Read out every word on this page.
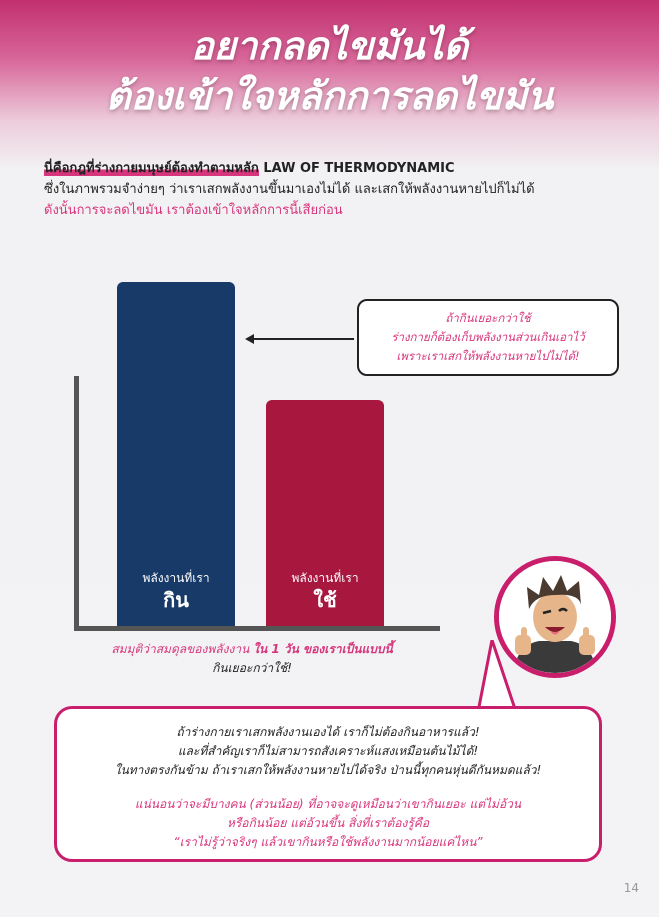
อยากลดไขมันได้
ต้องเข้าใจหลักการลดไขมัน
นี่คือกฎที่ร่างกายมนุษย์ต้องทำตามหลัก LAW OF THERMODYNAMIC
ซึ่งในภาพรวมจำง่ายๆ ว่าเราเสกพลังงานขึ้นมาเองไม่ได้ และเสกให้พลังงานหายไปก็ไม่ได้
ดังนั้นการจะลดไขมัน เราต้องเข้าใจหลักการนี้เสียก่อน
พลังงานที่เรา
กิน
พลังงานที่เรา
ใช้
ถ้ากินเยอะกว่าใช้
ร่างกายก็ต้องเก็บพลังงานส่วนเกินเอาไว้
เพราะเราเสกให้พลังงานหายไปไม่ได้!
สมมุติว่าสมดุลของพลังงาน ใน 1 วัน ของเราเป็นแบบนี้
กินเยอะกว่าใช้!
ถ้าร่างกายเราเสกพลังงานเองได้ เราก็ไม่ต้องกินอาหารแล้ว!
และที่สำคัญเราก็ไม่สามารถสังเคราะห์แสงเหมือนต้นไม้ได้!
ในทางตรงกันข้าม ถ้าเราเสกให้พลังงานหายไปได้จริง ป่านนี้ทุกคนหุ่นดีกันหมดแล้ว!
แน่นอนว่าจะมีบางคน (ส่วนน้อย) ที่อาจจะดูเหมือนว่าเขากินเยอะ แต่ไม่อ้วน
หรือกินน้อย แต่อ้วนขึ้น สิ่งที่เราต้องรู้คือ
“เราไม่รู้ว่าจริงๆ แล้วเขากินหรือใช้พลังงานมากน้อยแค่ไหน”
14
